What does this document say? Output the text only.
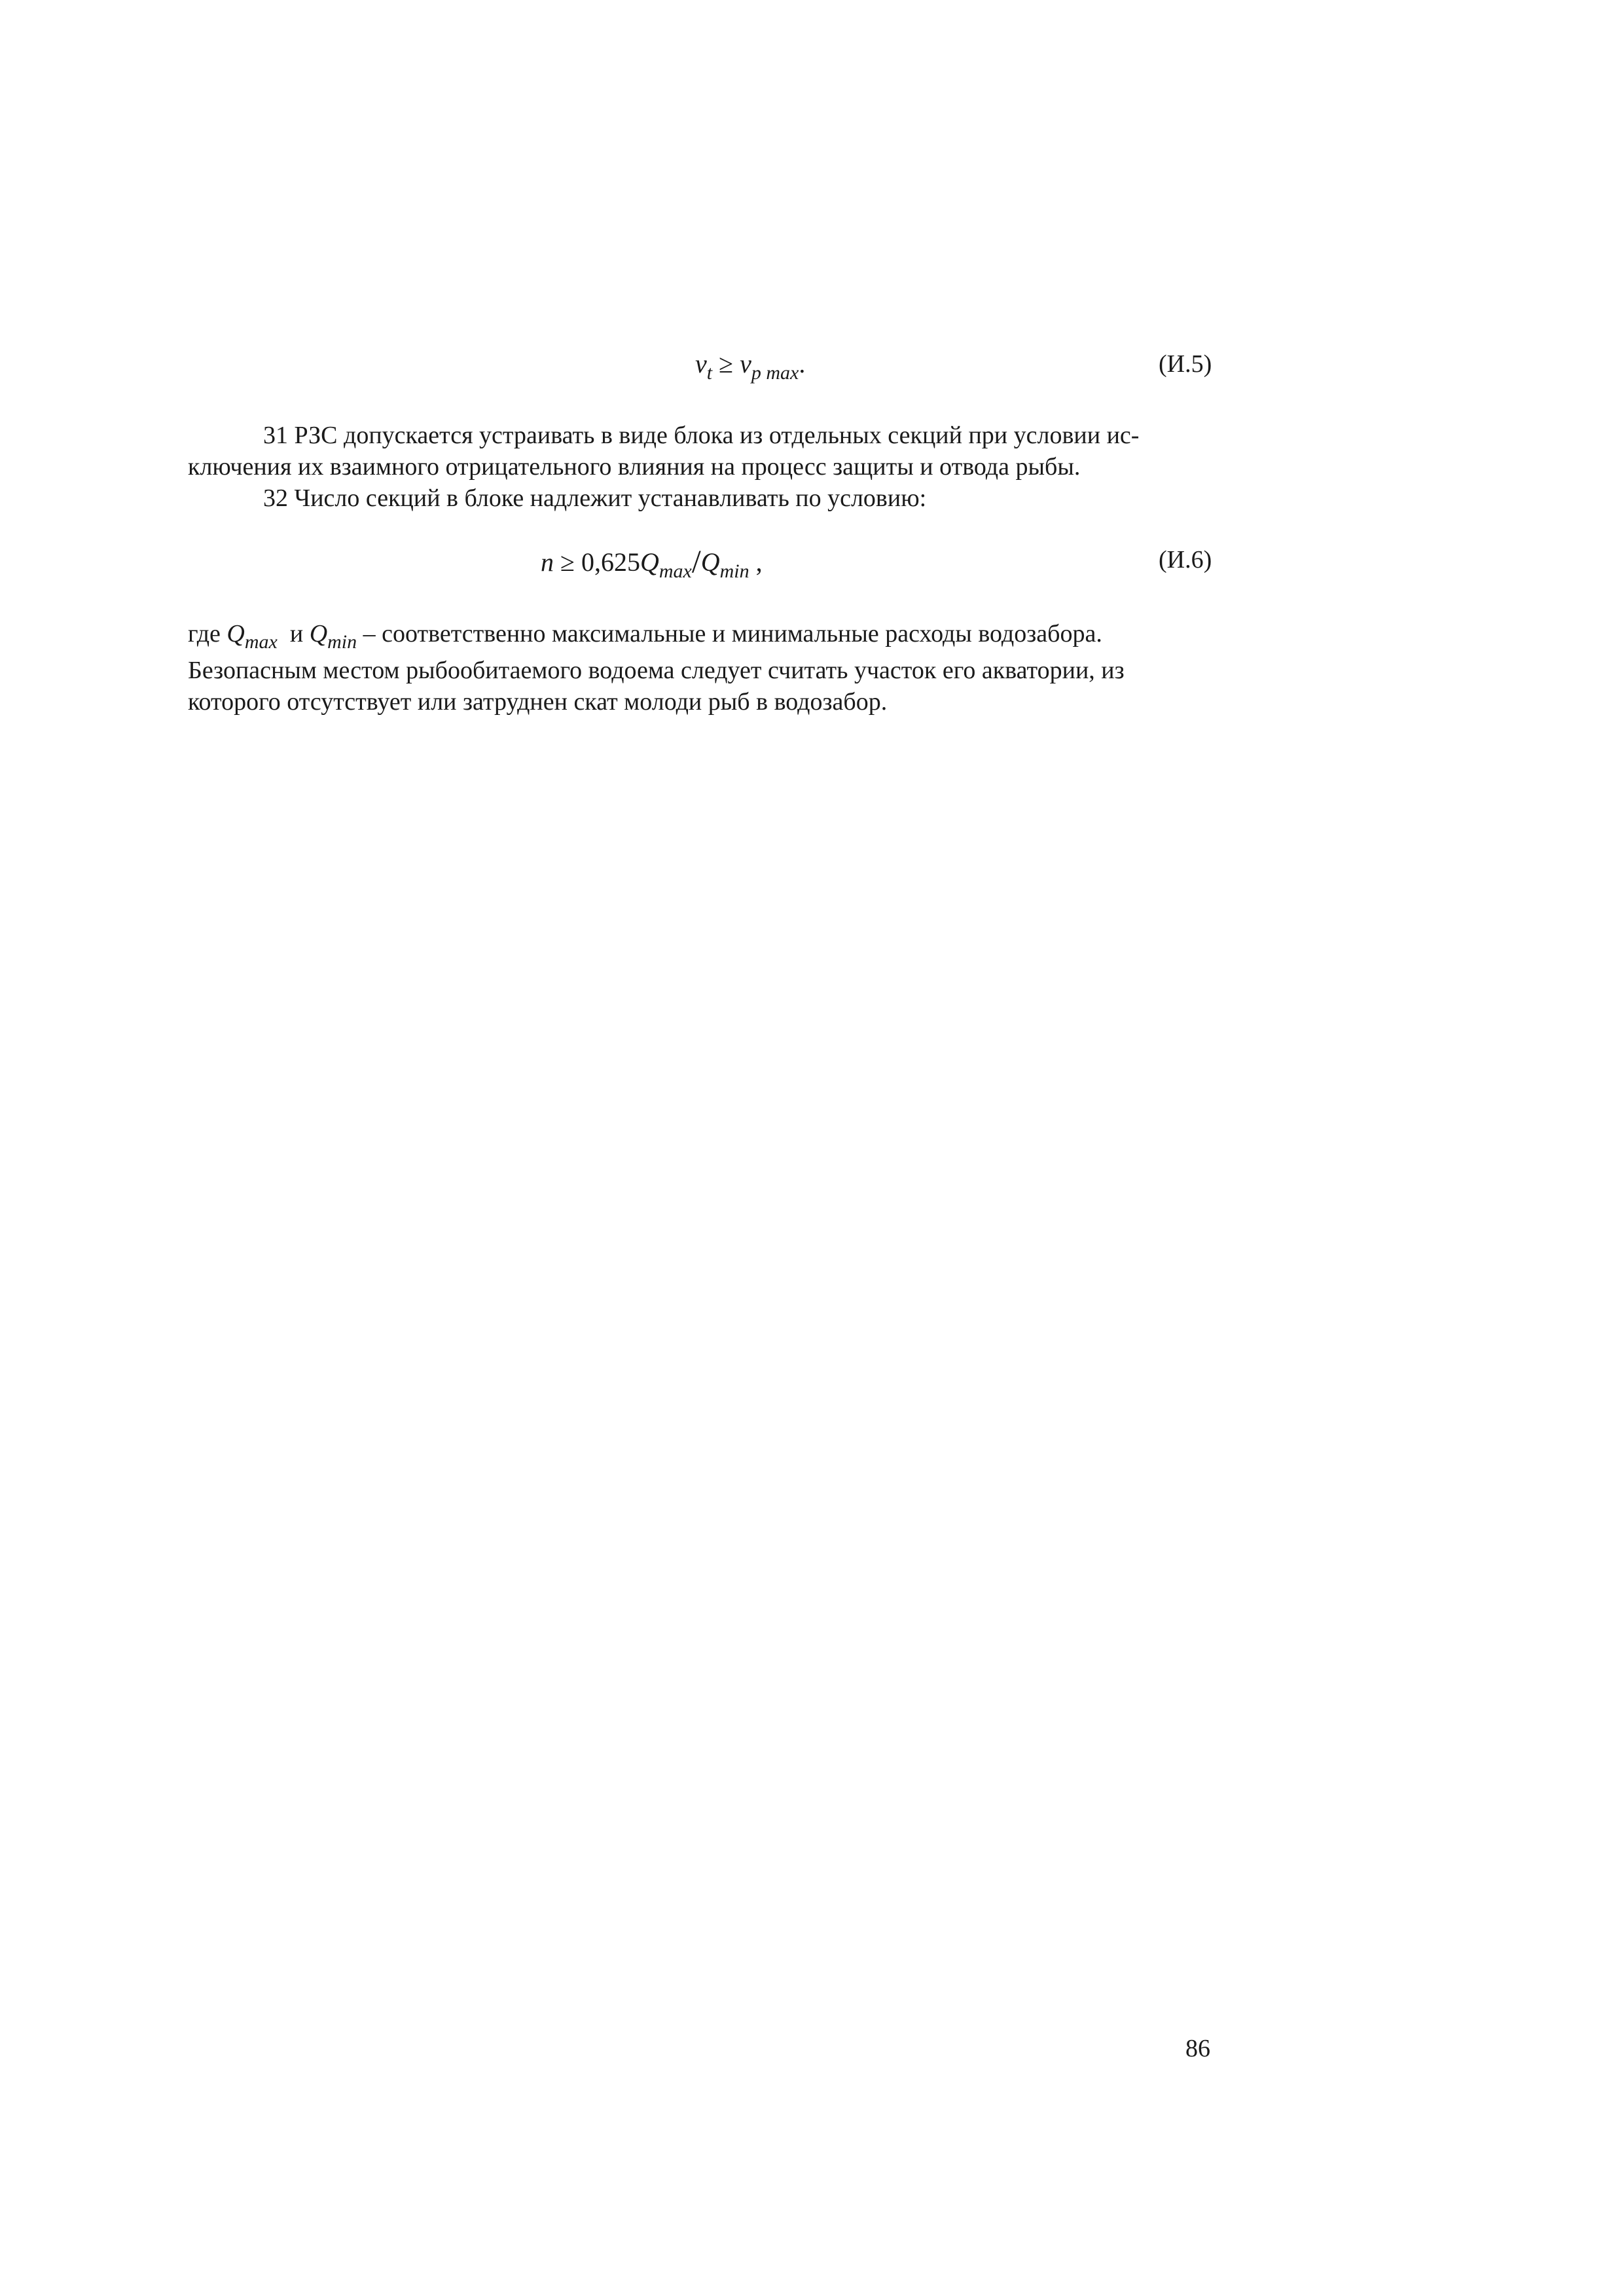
$v_t \ge v_{p max}$.	(И.5)
31 РЗС допускается устраивать в виде блока из отдельных секций при условии ис-
ключения их взаимного отрицательного влияния на процесс защиты и отвода рыбы.
32 Число секций в блоке надлежит устанавливать по условию:
$n \ge 0,625Q_{max}/Q_{min}$ ,	(И.6)
где $Q_{max}$  и $Q_{min}$ – соответственно максимальные и минимальные расходы водозабора.
Безопасным местом рыбообитаемого водоема следует считать участок его акватории, из
которого отсутствует или затруднен скат молоди рыб в водозабор.
86
